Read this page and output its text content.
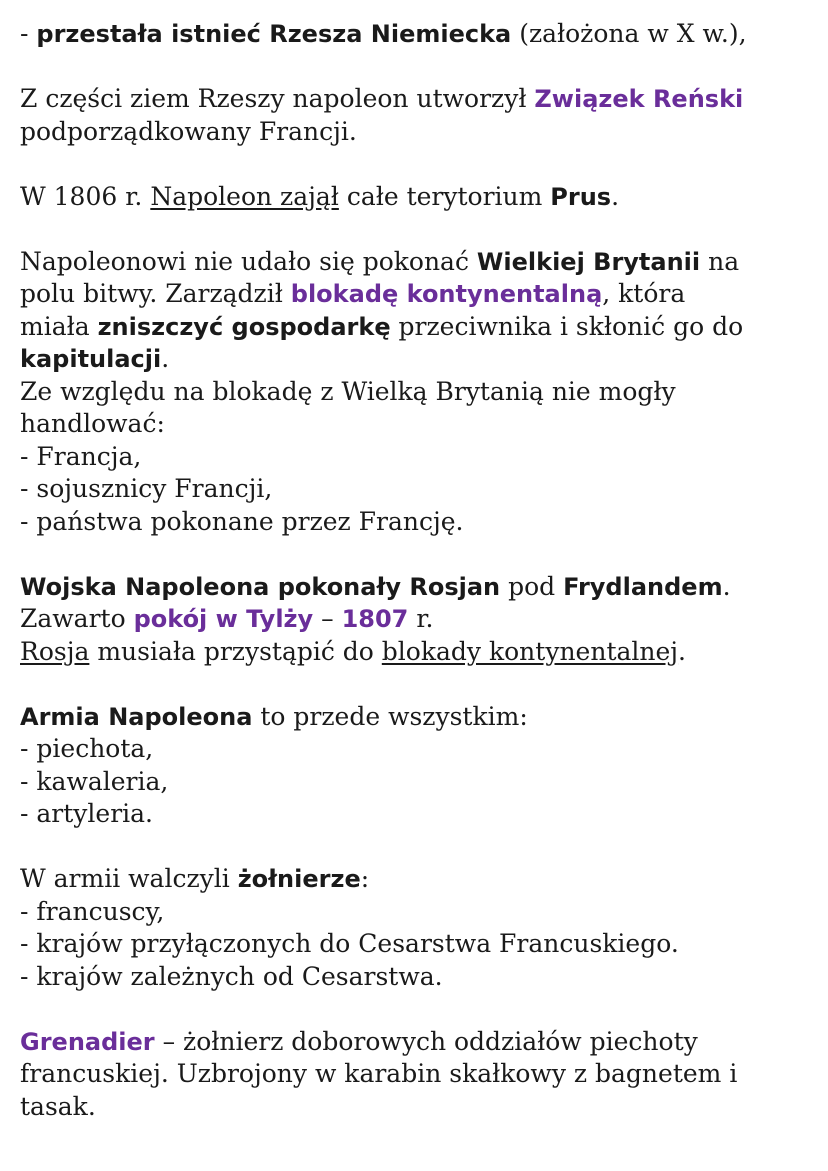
- przestała istnieć Rzesza Niemiecka (założona w X w.),
Z części ziem Rzeszy napoleon utworzył Związek Reński
podporządkowany Francji.
W 1806 r. Napoleon zajął całe terytorium Prus.
Napoleonowi nie udało się pokonać Wielkiej Brytanii na
polu bitwy. Zarządził blokadę kontynentalną, która
miała zniszczyć gospodarkę przeciwnika i skłonić go do
kapitulacji.
Ze względu na blokadę z Wielką Brytanią nie mogły
handlować:
- Francja,
- sojusznicy Francji,
- państwa pokonane przez Francję.
Wojska Napoleona pokonały Rosjan pod Frydlandem.
Zawarto pokój w Tylży – 1807 r.
Rosja musiała przystąpić do blokady kontynentalnej.
Armia Napoleona to przede wszystkim:
- piechota,
- kawaleria,
- artyleria.
W armii walczyli żołnierze:
- francuscy,
- krajów przyłączonych do Cesarstwa Francuskiego.
- krajów zależnych od Cesarstwa.
Grenadier – żołnierz doborowych oddziałów piechoty
francuskiej. Uzbrojony w karabin skałkowy z bagnetem i
tasak.
